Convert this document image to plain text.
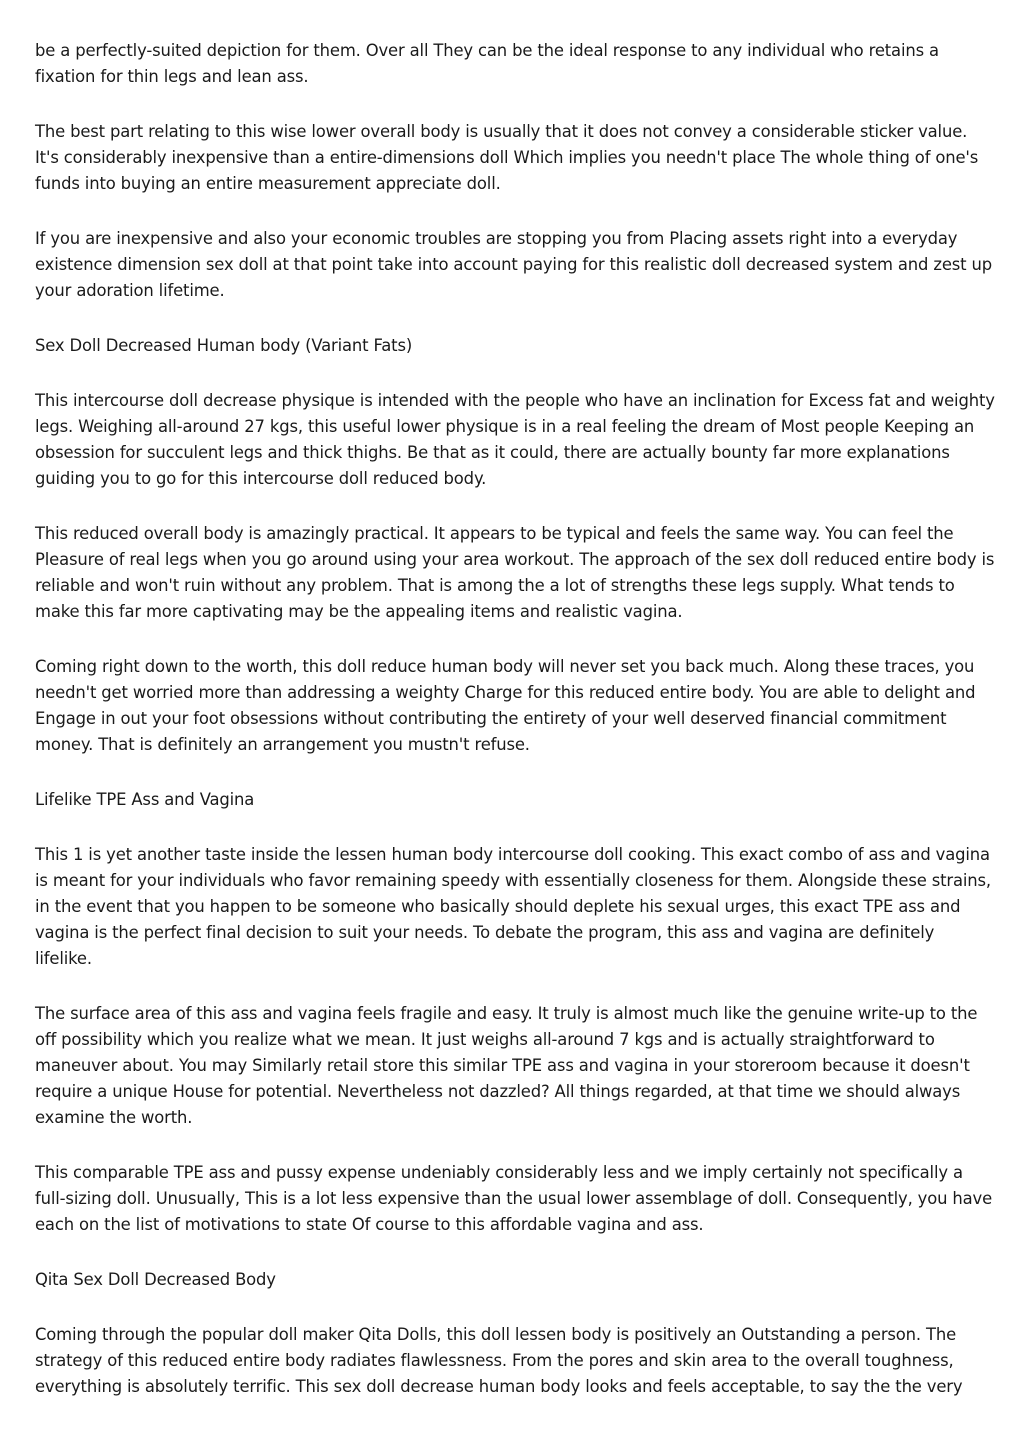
be a perfectly-suited depiction for them. Over all They can be the ideal response to any individual who retains a fixation for thin legs and lean ass.

The best part relating to this wise lower overall body is usually that it does not convey a considerable sticker value. It's considerably inexpensive than a entire-dimensions doll Which implies you needn't place The whole thing of one's funds into buying an entire measurement appreciate doll.

If you are inexpensive and also your economic troubles are stopping you from Placing assets right into a everyday existence dimension sex doll at that point take into account paying for this realistic doll decreased system and zest up your adoration lifetime.

Sex Doll Decreased Human body (Variant Fats)

This intercourse doll decrease physique is intended with the people who have an inclination for Excess fat and weighty legs. Weighing all-around 27 kgs, this useful lower physique is in a real feeling the dream of Most people Keeping an obsession for succulent legs and thick thighs. Be that as it could, there are actually bounty far more explanations guiding you to go for this intercourse doll reduced body.

This reduced overall body is amazingly practical. It appears to be typical and feels the same way. You can feel the Pleasure of real legs when you go around using your area workout. The approach of the sex doll reduced entire body is reliable and won't ruin without any problem. That is among the a lot of strengths these legs supply. What tends to make this far more captivating may be the appealing items and realistic vagina.

Coming right down to the worth, this doll reduce human body will never set you back much. Along these traces, you needn't get worried more than addressing a weighty Charge for this reduced entire body. You are able to delight and Engage in out your foot obsessions without contributing the entirety of your well deserved financial commitment money. That is definitely an arrangement you mustn't refuse.

Lifelike TPE Ass and Vagina

This 1 is yet another taste inside the lessen human body intercourse doll cooking. This exact combo of ass and vagina is meant for your individuals who favor remaining speedy with essentially closeness for them. Alongside these strains, in the event that you happen to be someone who basically should deplete his sexual urges, this exact TPE ass and vagina is the perfect final decision to suit your needs. To debate the program, this ass and vagina are definitely lifelike.

The surface area of this ass and vagina feels fragile and easy. It truly is almost much like the genuine write-up to the off possibility which you realize what we mean. It just weighs all-around 7 kgs and is actually straightforward to maneuver about. You may Similarly retail store this similar TPE ass and vagina in your storeroom because it doesn't require a unique House for potential. Nevertheless not dazzled? All things regarded, at that time we should always examine the worth.

This comparable TPE ass and pussy expense undeniably considerably less and we imply certainly not specifically a full-sizing doll. Unusually, This is a lot less expensive than the usual lower assemblage of doll. Consequently, you have each on the list of motivations to state Of course to this affordable vagina and ass.

Qita Sex Doll Decreased Body

Coming through the popular doll maker Qita Dolls, this doll lessen body is positively an Outstanding a person. The strategy of this reduced entire body radiates flawlessness. From the pores and skin area to the overall toughness, everything is absolutely terrific. This sex doll decrease human body looks and feels acceptable, to say the the very
